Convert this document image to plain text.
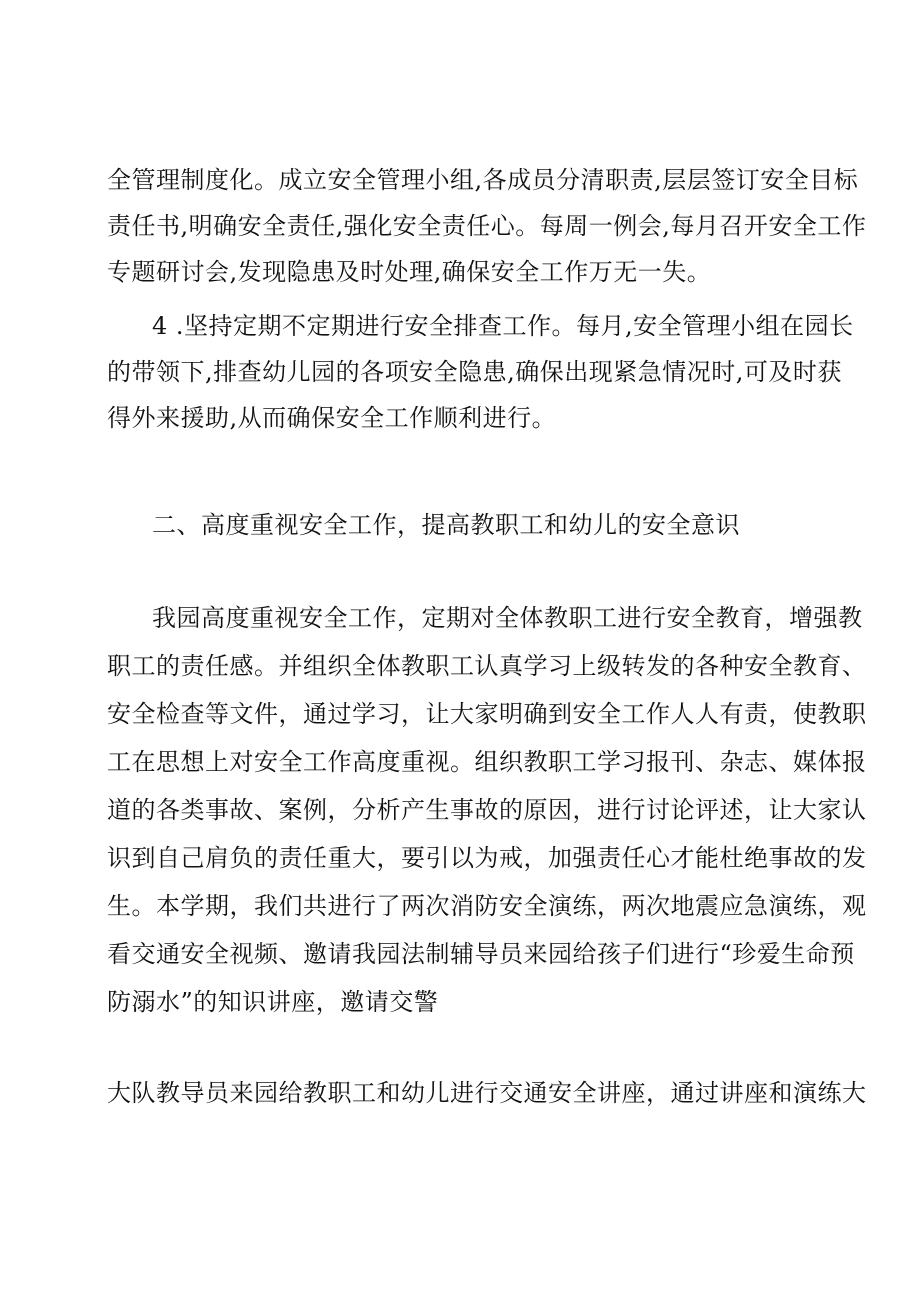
全管理制度化。成立安全管理小组,各成员分清职责,层层签订安全目标
责任书,明确安全责任,强化安全责任心。每周一例会,每月召开安全工作
专题研讨会,发现隐患及时处理,确保安全工作万无一失。
4 .坚持定期不定期进行安全排查工作。每月,安全管理小组在园长
的带领下,排查幼儿园的各项安全隐患,确保出现紧急情况时,可及时获
得外来援助,从而确保安全工作顺利进行。
二、高度重视安全工作，提高教职工和幼儿的安全意识
我园高度重视安全工作，定期对全体教职工进行安全教育，增强教
职工的责任感。并组织全体教职工认真学习上级转发的各种安全教育、
安全检查等文件，通过学习，让大家明确到安全工作人人有责，使教职
工在思想上对安全工作高度重视。组织教职工学习报刊、杂志、媒体报
道的各类事故、案例，分析产生事故的原因，进行讨论评述，让大家认
识到自己肩负的责任重大，要引以为戒，加强责任心才能杜绝事故的发
生。本学期，我们共进行了两次消防安全演练，两次地震应急演练，观
看交通安全视频、邀请我园法制辅导员来园给孩子们进行“珍爱生命预
防溺水”的知识讲座，邀请交警
大队教导员来园给教职工和幼儿进行交通安全讲座，通过讲座和演练大
